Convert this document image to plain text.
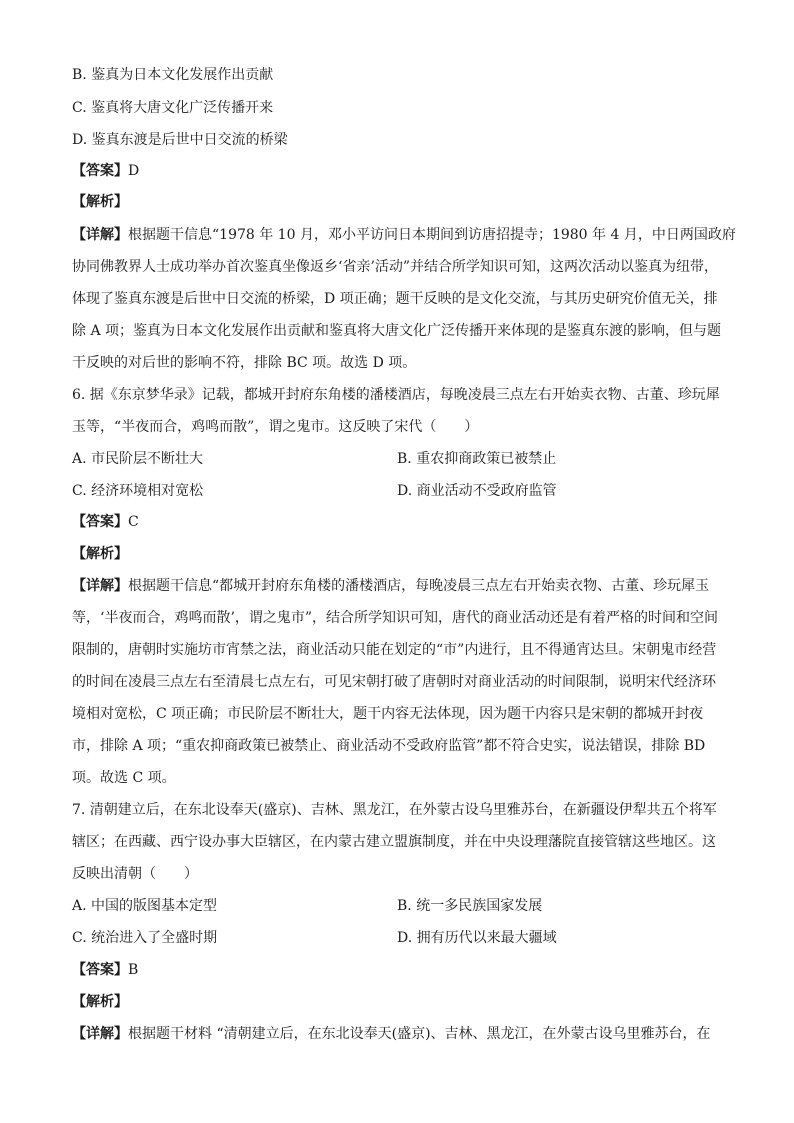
B. 鉴真为日本文化发展作出贡献
C. 鉴真将大唐文化广泛传播开来
D. 鉴真东渡是后世中日交流的桥梁
【答案】D
【解析】
【详解】根据题干信息“1978 年 10 月，邓小平访问日本期间到访唐招提寺；1980 年 4 月，中日两国政府
协同佛教界人士成功举办首次鉴真坐像返乡‘省亲’活动”并结合所学知识可知，这两次活动以鉴真为纽带，
体现了鉴真东渡是后世中日交流的桥梁，D 项正确；题干反映的是文化交流，与其历史研究价值无关，排
除 A 项；鉴真为日本文化发展作出贡献和鉴真将大唐文化广泛传播开来体现的是鉴真东渡的影响，但与题
干反映的对后世的影响不符，排除 BC 项。故选 D 项。
6. 据《东京梦华录》记载，都城开封府东角楼的潘楼酒店，每晚凌晨三点左右开始卖衣物、古董、珍玩犀
玉等，“半夜而合，鸡鸣而散”，谓之鬼市。这反映了宋代（　　）
A. 市民阶层不断壮大	B. 重农抑商政策已被禁止
C. 经济环境相对宽松	D. 商业活动不受政府监管
【答案】C
【解析】
【详解】根据题干信息“都城开封府东角楼的潘楼酒店，每晚凌晨三点左右开始卖衣物、古董、珍玩犀玉
等，‘半夜而合，鸡鸣而散’，谓之鬼市”，结合所学知识可知，唐代的商业活动还是有着严格的时间和空间
限制的，唐朝时实施坊市宵禁之法，商业活动只能在划定的“市”内进行，且不得通宵达旦。宋朝鬼市经营
的时间在凌晨三点左右至清晨七点左右，可见宋朝打破了唐朝时对商业活动的时间限制，说明宋代经济环
境相对宽松，C 项正确；市民阶层不断壮大，题干内容无法体现，因为题干内容只是宋朝的都城开封夜
市，排除 A 项；“重农抑商政策已被禁止、商业活动不受政府监管”都不符合史实，说法错误，排除 BD
项。故选 C 项。
7. 清朝建立后，在东北设奉天(盛京)、吉林、黑龙江，在外蒙古设乌里雅苏台，在新疆设伊犁共五个将军
辖区；在西藏、西宁设办事大臣辖区，在内蒙古建立盟旗制度，并在中央设理藩院直接管辖这些地区。这
反映出清朝（　　）
A. 中国的版图基本定型	B. 统一多民族国家发展
C. 统治进入了全盛时期	D. 拥有历代以来最大疆域
【答案】B
【解析】
【详解】根据题干材料 “清朝建立后，在东北设奉天(盛京)、吉林、黑龙江，在外蒙古设乌里雅苏台，在
